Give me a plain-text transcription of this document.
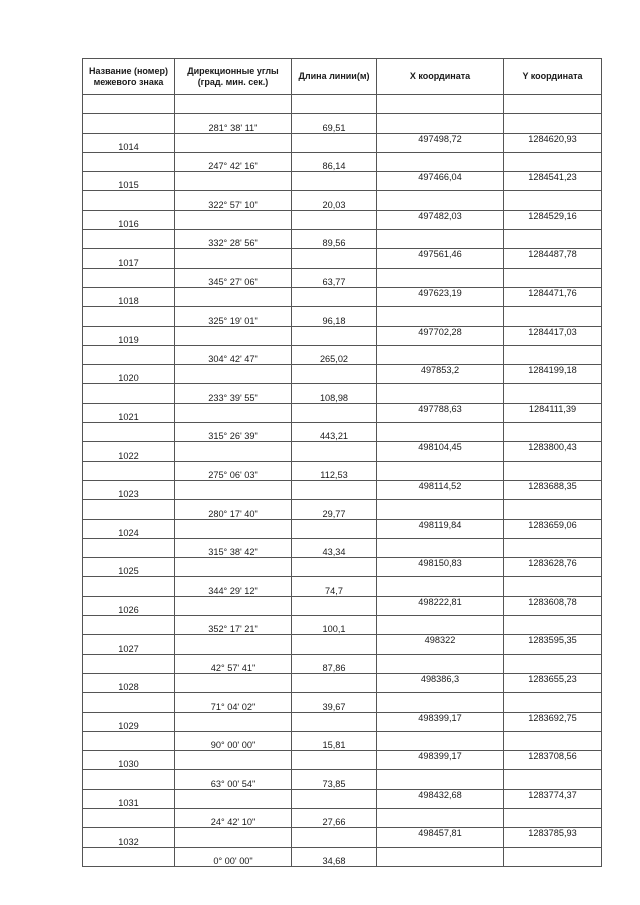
Название (номер) межевого знака	Дирекционные углы (град. мин. сек.)	Длина линии(м)	X координата	Y координата

	281° 38' 11"	69,51		
1014			497498,72	1284620,93
	247° 42' 16"	86,14		
1015			497466,04	1284541,23
	322° 57' 10"	20,03		
1016			497482,03	1284529,16
	332° 28' 56"	89,56		
1017			497561,46	1284487,78
	345° 27' 06"	63,77		
1018			497623,19	1284471,76
	325° 19' 01"	96,18		
1019			497702,28	1284417,03
	304° 42' 47"	265,02		
1020			497853,2	1284199,18
	233° 39' 55"	108,98		
1021			497788,63	1284111,39
	315° 26' 39"	443,21		
1022			498104,45	1283800,43
	275° 06' 03"	112,53		
1023			498114,52	1283688,35
	280° 17' 40"	29,77		
1024			498119,84	1283659,06
	315° 38' 42"	43,34		
1025			498150,83	1283628,76
	344° 29' 12"	74,7		
1026			498222,81	1283608,78
	352° 17' 21"	100,1		
1027			498322	1283595,35
	42° 57' 41"	87,86		
1028			498386,3	1283655,23
	71° 04' 02"	39,67		
1029			498399,17	1283692,75
	90° 00' 00"	15,81		
1030			498399,17	1283708,56
	63° 00' 54"	73,85		
1031			498432,68	1283774,37
	24° 42' 10"	27,66		
1032			498457,81	1283785,93
	0° 00' 00"	34,68		
